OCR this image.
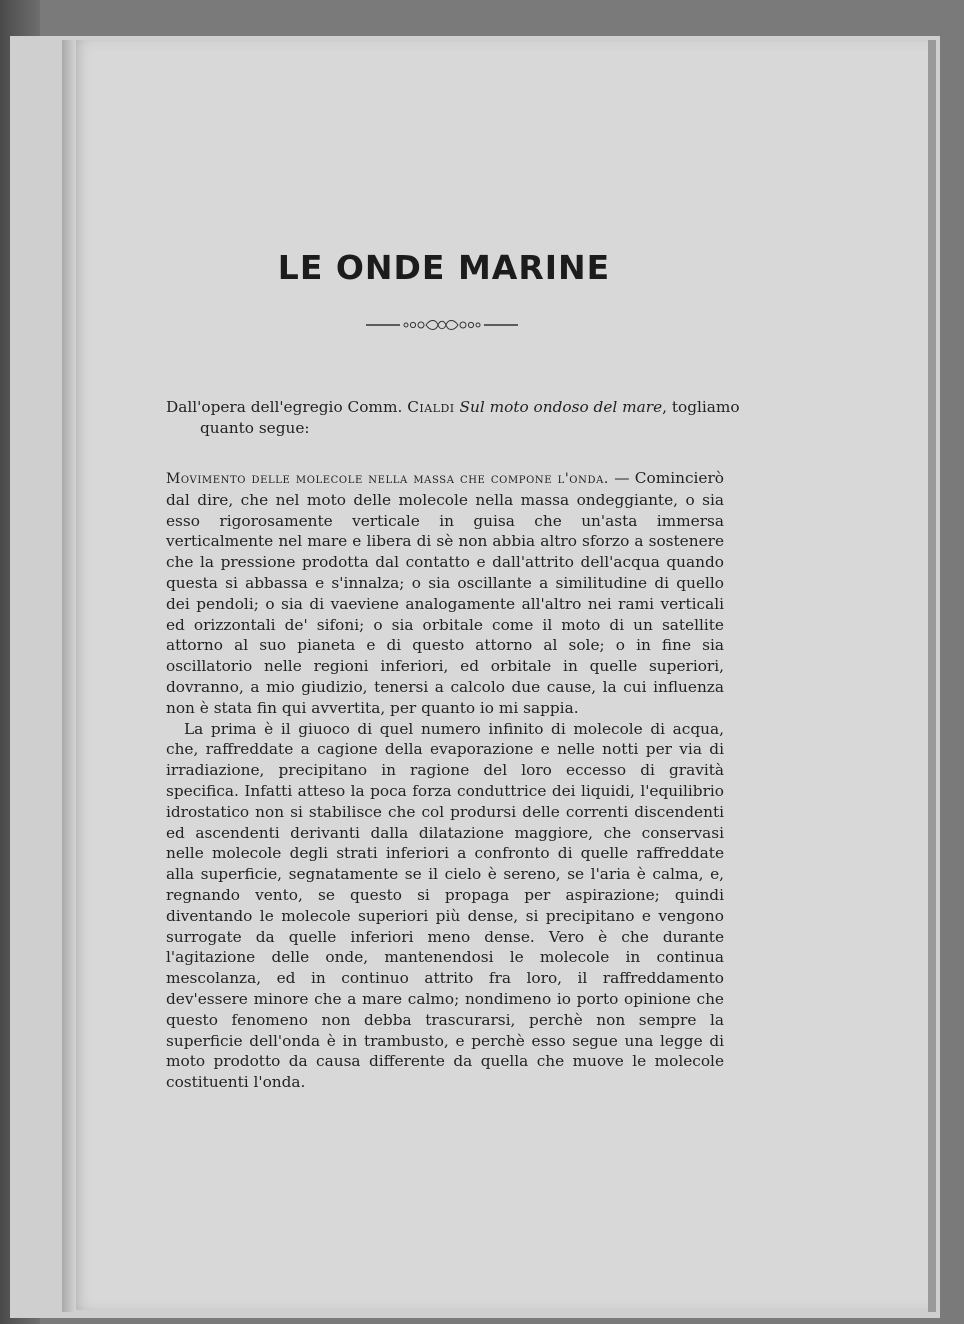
LE ONDE MARINE
Dall'opera dell'egregio Comm. Cialdi Sul moto ondoso del mare, togliamo quanto segue:

Movimento delle molecole nella massa che compone l'onda. — Comincierò dal dire, che nel moto delle molecole nella massa ondeggiante, o sia esso rigorosamente verticale in guisa che un'asta immersa verticalmente nel mare e libera di sè non abbia altro sforzo a sostenere che la pressione prodotta dal contatto e dall'attrito dell'acqua quando questa si abbassa e s'innalza; o sia oscillante a similitudine di quello dei pendoli; o sia di vaeviene analogamente all'altro nei rami verticali ed orizzontali de' sifoni; o sia orbitale come il moto di un satellite attorno al suo pianeta e di questo attorno al sole; o in fine sia oscillatorio nelle regioni inferiori, ed orbitale in quelle superiori, dovranno, a mio giudizio, tenersi a calcolo due cause, la cui influenza non è stata fin qui avvertita, per quanto io mi sappia.

La prima è il giuoco di quel numero infinito di molecole di acqua, che, raffreddate a cagione della evaporazione e nelle notti per via di irradiazione, precipitano in ragione del loro eccesso di gravità specifica. Infatti atteso la poca forza conduttrice dei liquidi, l'equilibrio idrostatico non si stabilisce che col prodursi delle correnti discendenti ed ascendenti derivanti dalla dilatazione maggiore, che conservasi nelle molecole degli strati inferiori a confronto di quelle raffreddate alla superficie, segnatamente se il cielo è sereno, se l'aria è calma, e, regnando vento, se questo si propaga per aspirazione; quindi diventando le molecole superiori più dense, si precipitano e vengono surrogate da quelle inferiori meno dense. Vero è che durante l'agitazione delle onde, mantenendosi le molecole in continua mescolanza, ed in continuo attrito fra loro, il raffreddamento dev'essere minore che a mare calmo; nondimeno io porto opinione che questo fenomeno non debba trascurarsi, perchè non sempre la superficie dell'onda è in trambusto, e perchè esso segue una legge di moto prodotto da causa differente da quella che muove le molecole costituenti l'onda.
